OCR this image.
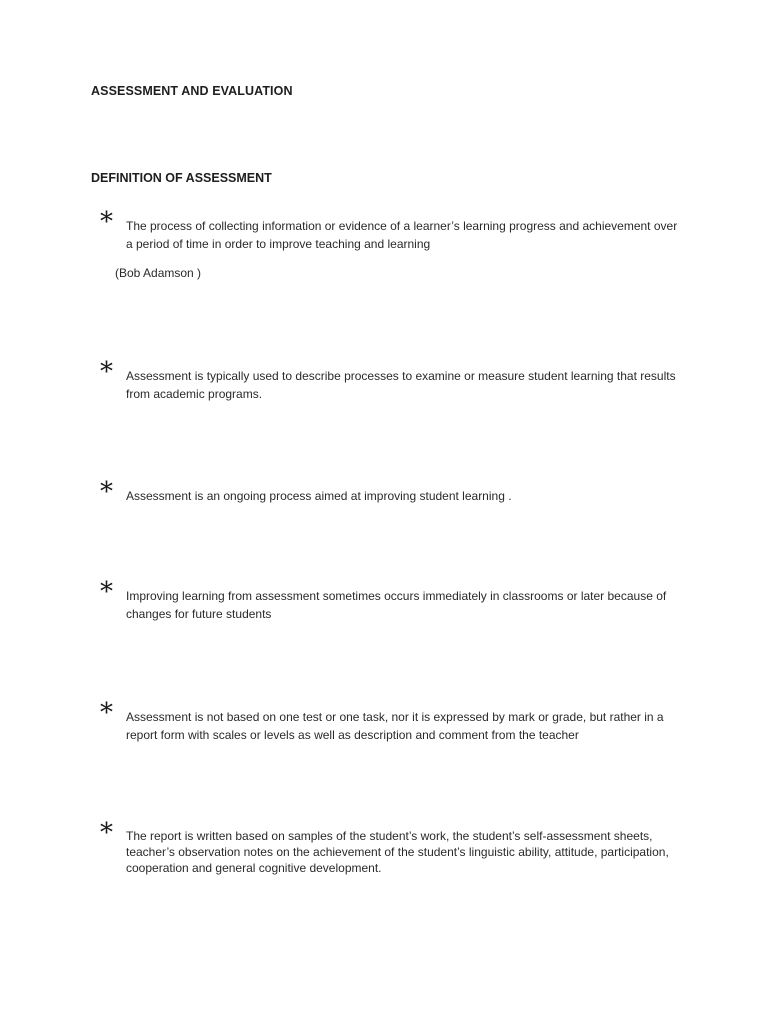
ASSESSMENT AND EVALUATION
DEFINITION OF ASSESSMENT
* The process of collecting information or evidence of a learner’s learning progress and achievement over a period of time in order to improve teaching and learning
(Bob Adamson )
* Assessment is typically used to describe processes to examine or measure student learning that results from academic programs.
* Assessment is an ongoing process aimed at improving student learning .
* Improving learning from assessment sometimes occurs immediately in classrooms or later because of changes for future students
* Assessment is not based on one test or one task, nor it is expressed by mark or grade, but rather in a report form with scales or levels as well as description and comment from the teacher
* The report is written based on samples of the student’s work, the student’s self-assessment sheets, teacher’s observation notes on the achievement of the student’s linguistic ability, attitude, participation, cooperation and general cognitive development.
